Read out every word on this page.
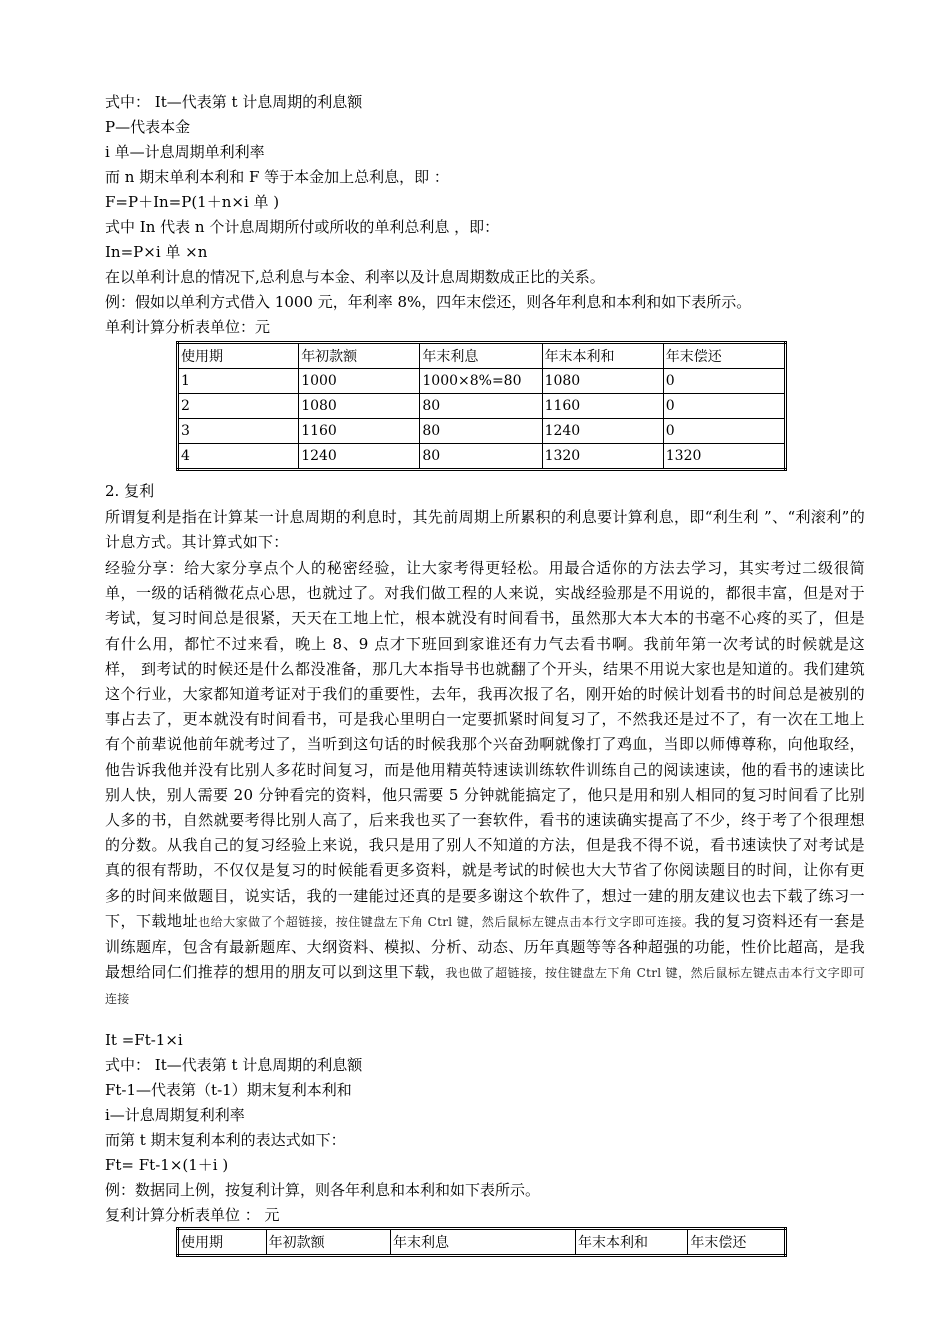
式中： It—代表第 t 计息周期的利息额
P—代表本金
i 单—计息周期单利利率
而 n 期末单利本利和 F 等于本金加上总利息，即 ：
F=P＋In=P(1＋n×i 单 )
式中 In 代表 n 个计息周期所付或所收的单利总利息 ，即：
In=P×i 单 ×n
在以单利计息的情况下,总利息与本金、利率以及计息周期数成正比的关系。
例：假如以单利方式借入 1000 元，年利率 8%，四年末偿还，则各年利息和本利和如下表所示。
单利计算分析表单位：元
使用期	年初款额	年末利息	年末本利和	年末偿还
1	1000	1000×8%=80	1080	0
2	1080	80	1160	0
3	1160	80	1240	0
4	1240	80	1320	1320
2. 复利
所谓复利是指在计算某一计息周期的利息时，其先前周期上所累积的利息要计算利息，即“利生利 ”、“利滚利”的计息方式。其计算式如下：
经验分享：给大家分享点个人的秘密经验，让大家考得更轻松。用最合适你的方法去学习，其实考过二级很简单，一级的话稍微花点心思，也就过了。对我们做工程的人来说，实战经验那是不用说的，都很丰富，但是对于考试，复习时间总是很紧，天天在工地上忙，根本就没有时间看书，虽然那大本大本的书毫不心疼的买了，但是有什么用，都忙不过来看，晚上 8、9 点才下班回到家谁还有力气去看书啊。我前年第一次考试的时候就是这样， 到考试的时候还是什么都没准备，那几大本指导书也就翻了个开头，结果不用说大家也是知道的。我们建筑这个行业，大家都知道考证对于我们的重要性，去年，我再次报了名，刚开始的时候计划看书的时间总是被别的事占去了，更本就没有时间看书，可是我心里明白一定要抓紧时间复习了，不然我还是过不了，有一次在工地上有个前辈说他前年就考过了，当听到这句话的时候我那个兴奋劲啊就像打了鸡血，当即以师傅尊称，向他取经，他告诉我他并没有比别人多花时间复习，而是他用精英特速读训练软件训练自己的阅读速读，他的看书的速读比别人快，别人需要 20 分钟看完的资料，他只需要 5 分钟就能搞定了，他只是用和别人相同的复习时间看了比别人多的书，自然就要考得比别人高了，后来我也买了一套软件，看书的速读确实提高了不少，终于考了个很理想的分数。从我自己的复习经验上来说，我只是用了别人不知道的方法，但是我不得不说，看书速读快了对考试是真的很有帮助，不仅仅是复习的时候能看更多资料，就是考试的时候也大大节省了你阅读题目的时间，让你有更多的时间来做题目，说实话，我的一建能过还真的是要多谢这个软件了，想过一建的朋友建议也去下载了练习一下，下载地址也给大家做了个超链接，按住键盘左下角 Ctrl 键，然后鼠标左键点击本行文字即可连接。我的复习资料还有一套是训练题库，包含有最新题库、大纲资料、模拟、分析、动态、历年真题等等各种超强的功能，性价比超高，是我最想给同仁们推荐的想用的朋友可以到这里下载，我也做了超链接，按住键盘左下角 Ctrl 键，然后鼠标左键点击本行文字即可连接
It =Ft-1×i
式中： It—代表第 t 计息周期的利息额
Ft-1—代表第（t-1）期末复利本利和
i—计息周期复利利率
而第 t 期末复利本利的表达式如下：
Ft= Ft-1×(1＋i )
例：数据同上例，按复利计算，则各年利息和本利和如下表所示。
复利计算分析表单位 ： 元
使用期	年初款额	年末利息	年末本利和	年末偿还
